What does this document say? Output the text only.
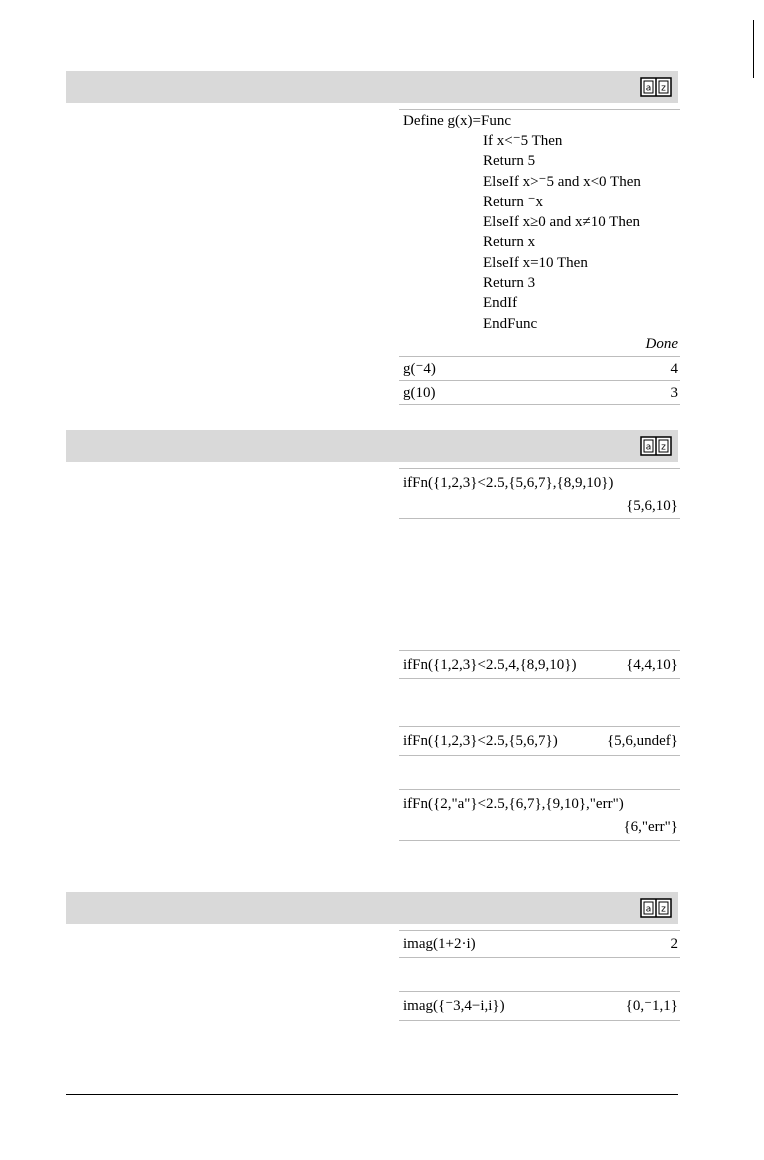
a z
Define g(x)=Func
If x<⁻5 Then
Return 5
ElseIf x>⁻5 and x<0 Then
Return ⁻x
ElseIf x≥0 and x≠10 Then
Return x
ElseIf x=10 Then
Return 3
EndIf
EndFunc
Done
g(⁻4)	4
g(10)	3
a z
ifFn({1,2,3}<2.5,{5,6,7},{8,9,10})
{5,6,10}
ifFn({1,2,3}<2.5,4,{8,9,10})	{4,4,10}
ifFn({1,2,3}<2.5,{5,6,7})	{5,6,undef}
ifFn({2,"a"}<2.5,{6,7},{9,10},"err")
{6,"err"}
a z
imag(1+2·i)	2
imag({⁻3,4−i,i})	{0,⁻1,1}
